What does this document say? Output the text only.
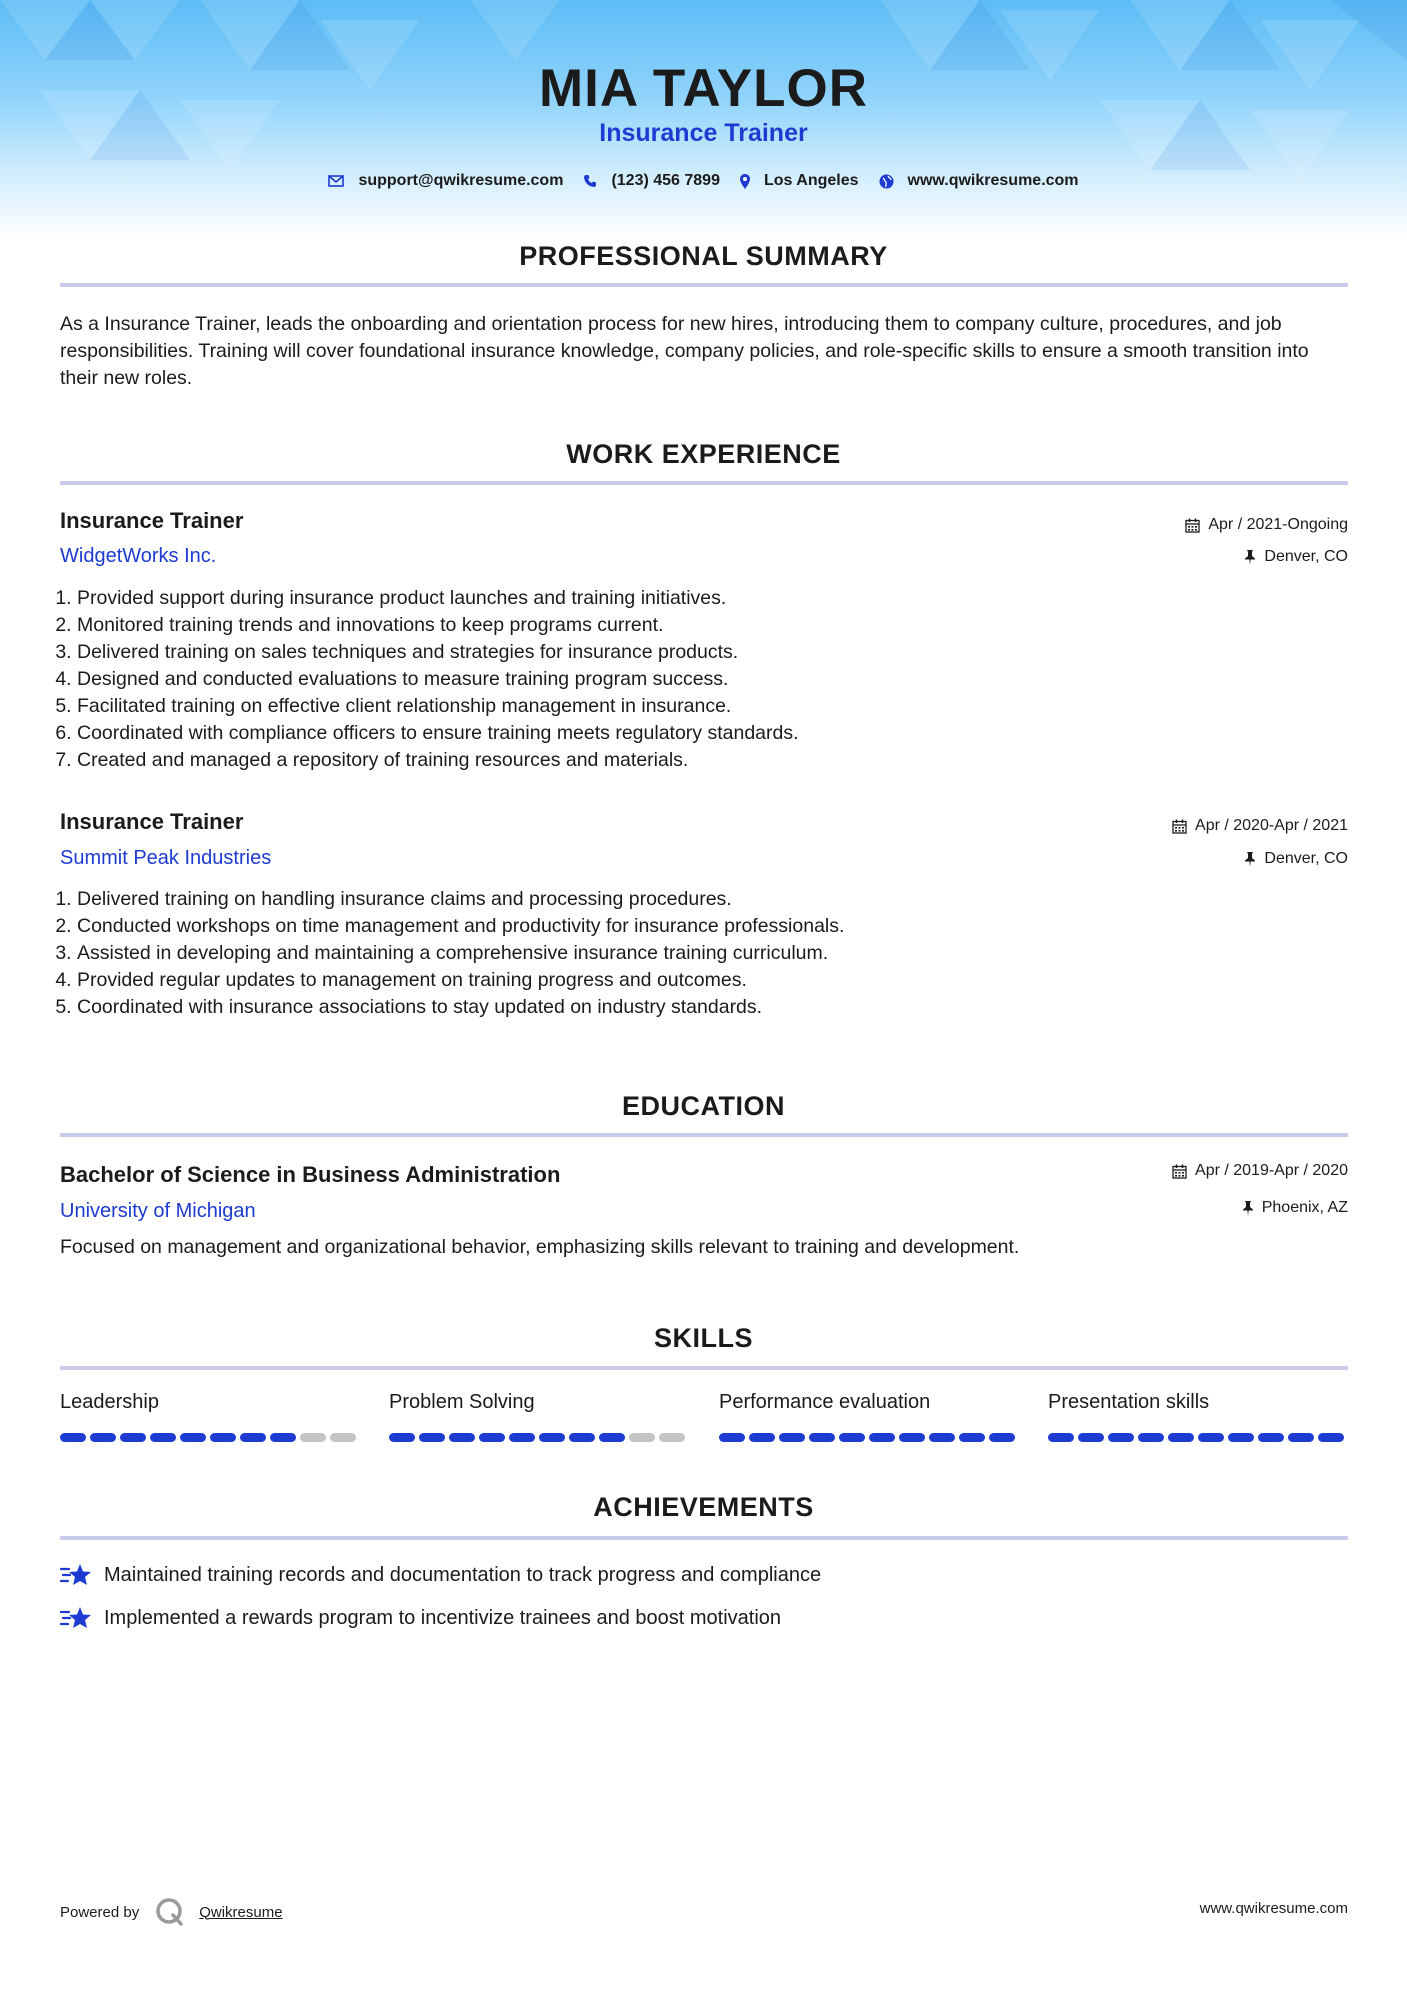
MIA TAYLOR
Insurance Trainer
support@qwikresume.com	(123) 456 7899	Los Angeles	www.qwikresume.com
PROFESSIONAL SUMMARY
As a Insurance Trainer, leads the onboarding and orientation process for new hires, introducing them to company culture, procedures, and job responsibilities. Training will cover foundational insurance knowledge, company policies, and role-specific skills to ensure a smooth transition into their new roles.
WORK EXPERIENCE
Insurance Trainer
WidgetWorks Inc.
Apr / 2021-Ongoing
Denver, CO
1. Provided support during insurance product launches and training initiatives.
2. Monitored training trends and innovations to keep programs current.
3. Delivered training on sales techniques and strategies for insurance products.
4. Designed and conducted evaluations to measure training program success.
5. Facilitated training on effective client relationship management in insurance.
6. Coordinated with compliance officers to ensure training meets regulatory standards.
7. Created and managed a repository of training resources and materials.
Insurance Trainer
Summit Peak Industries
Apr / 2020-Apr / 2021
Denver, CO
1. Delivered training on handling insurance claims and processing procedures.
2. Conducted workshops on time management and productivity for insurance professionals.
3. Assisted in developing and maintaining a comprehensive insurance training curriculum.
4. Provided regular updates to management on training progress and outcomes.
5. Coordinated with insurance associations to stay updated on industry standards.
EDUCATION
Bachelor of Science in Business Administration
University of Michigan
Apr / 2019-Apr / 2020
Phoenix, AZ
Focused on management and organizational behavior, emphasizing skills relevant to training and development.
SKILLS
Leadership	Problem Solving	Performance evaluation	Presentation skills
ACHIEVEMENTS
Maintained training records and documentation to track progress and compliance
Implemented a rewards program to incentivize trainees and boost motivation
Powered by	Qwikresume	www.qwikresume.com
